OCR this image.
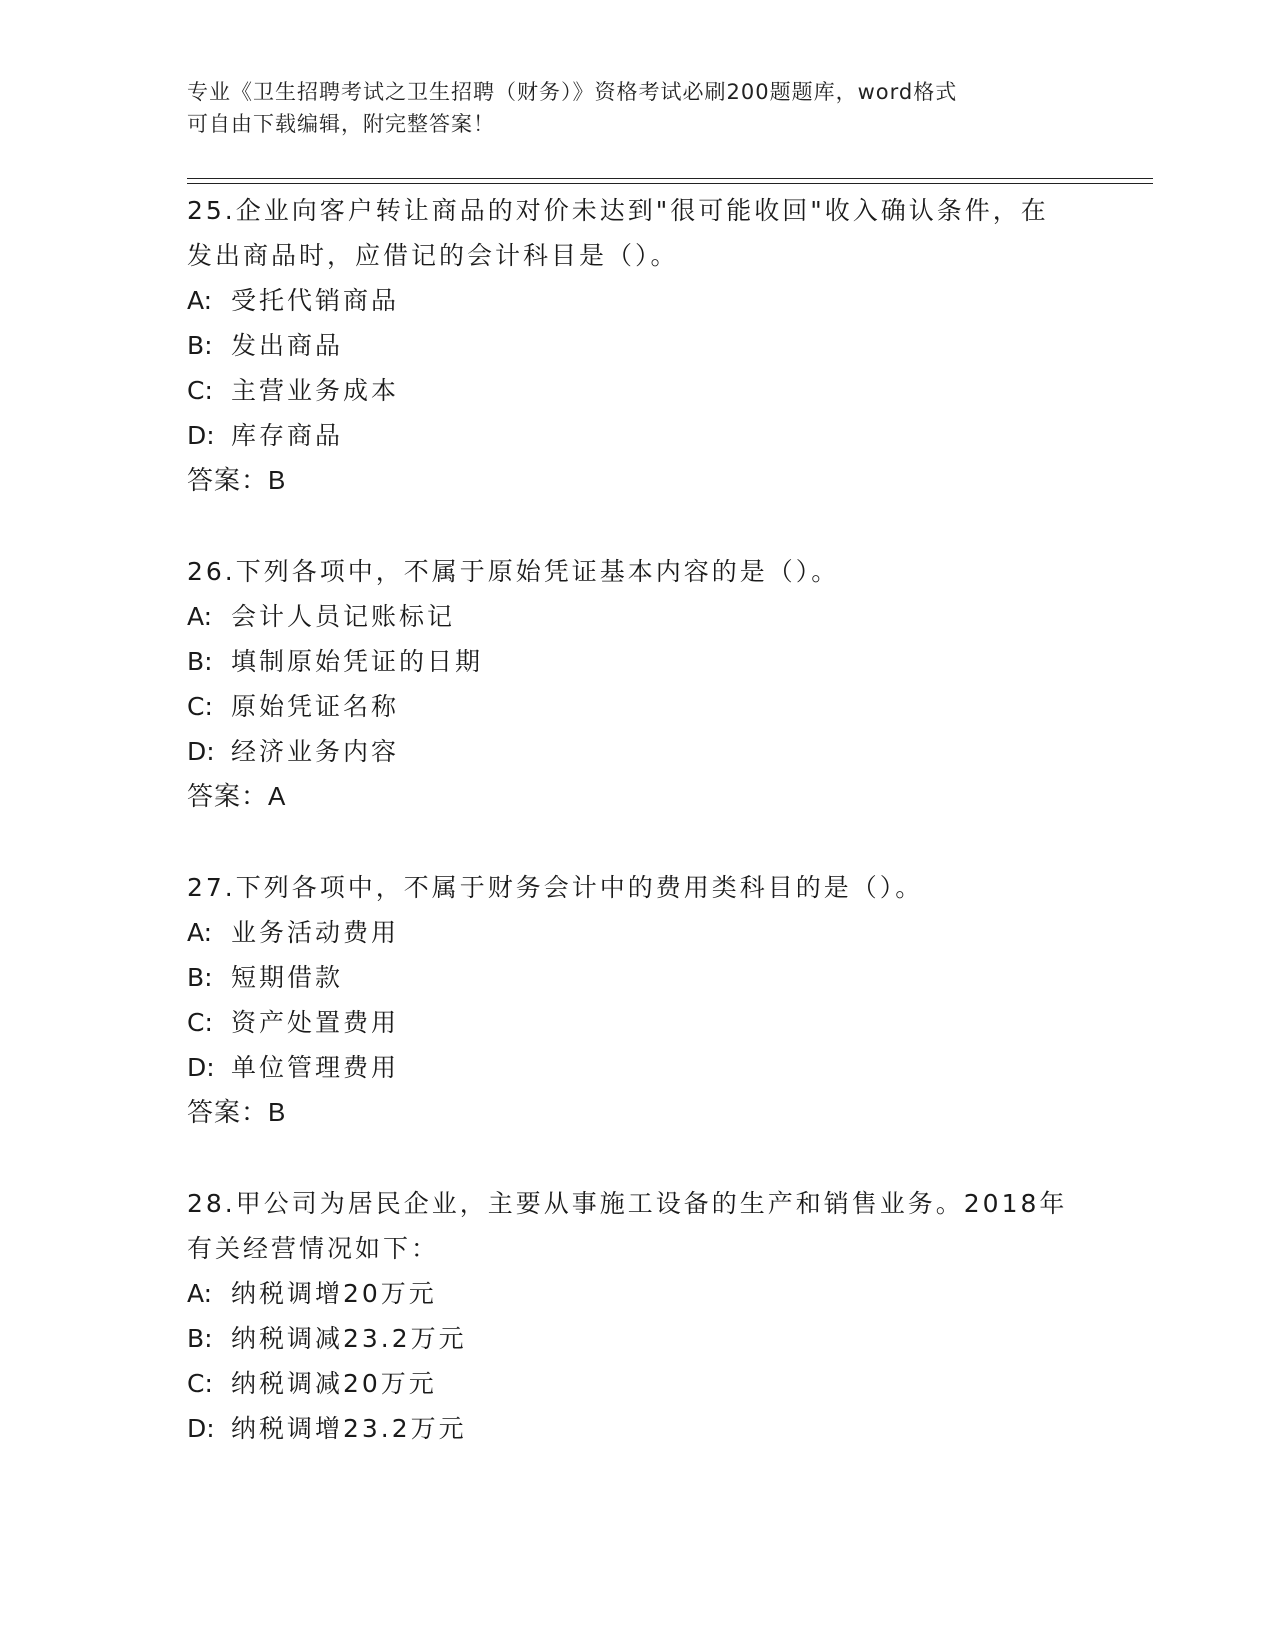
专业《卫生招聘考试之卫生招聘（财务）》资格考试必刷200题题库，word格式
可自由下载编辑，附完整答案！

25.企业向客户转让商品的对价未达到"很可能收回"收入确认条件，在

发出商品时，应借记的会计科目是（）。

A: 受托代销商品

B: 发出商品

C: 主营业务成本

D: 库存商品

答案：B

26.下列各项中，不属于原始凭证基本内容的是（）。

A: 会计人员记账标记

B: 填制原始凭证的日期

C: 原始凭证名称

D: 经济业务内容

答案：A

27.下列各项中，不属于财务会计中的费用类科目的是（）。

A: 业务活动费用

B: 短期借款

C: 资产处置费用

D: 单位管理费用

答案：B

28.甲公司为居民企业，主要从事施工设备的生产和销售业务。2018年

有关经营情况如下：

A: 纳税调增20万元

B: 纳税调减23.2万元

C: 纳税调减20万元

D: 纳税调增23.2万元
